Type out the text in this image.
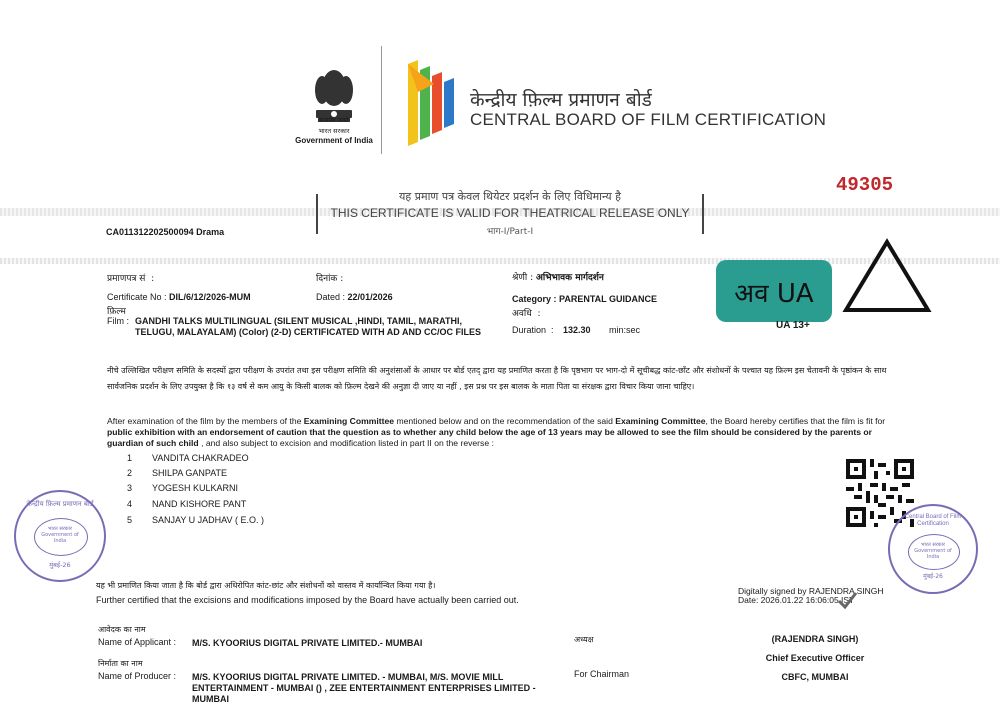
सत्यमेव जयते
भारत सरकार
Government of India
केन्द्रीय फ़िल्म प्रमाणन बोर्ड
CENTRAL BOARD OF FILM CERTIFICATION
49305
यह प्रमाण पत्र केवल थियेटर प्रदर्शन के लिए विधिमान्य है
THIS CERTIFICATE IS VALID FOR THEATRICAL RELEASE ONLY
भाग-I/Part-I
CA011312202500094 Drama
प्रमाणपत्र सं  :
Certificate No : DIL/6/12/2026-MUM
दिनांक :
Dated : 22/01/2026
श्रेणी : अभिभावक मार्गदर्शन
Category : PARENTAL GUIDANCE
फ़िल्म
Film : GANDHI TALKS MULTILINGUAL (SILENT MUSICAL ,HINDI, TAMIL, MARATHI, TELUGU, MALAYALAM) (Color) (2-D) CERTIFICATED WITH AD AND CC/OC FILES
अवधि  :
Duration  :   132.30 min:sec
अव UA
UA 13+
नीचे उल्लिखित परीक्षण समिति के सदस्यों द्वारा परीक्षण के उपरांत तथा इस परीक्षण समिति की अनुशंसाओं के आधार पर बोर्ड एतद् द्वारा यह प्रमाणित करता है कि पृष्ठभाग पर भाग-दो में सूचीबद्ध कांट-छाँट और संशोधनों के पश्चात यह फ़िल्म इस चेतावनी के पृष्ठांकन के साथ सार्वजनिक प्रदर्शन के लिए उपयुक्त है कि १३ वर्ष से कम आयु के किसी बालक को फ़िल्म देखने की अनुज्ञा दी जाए या नहीं , इस प्रश्न पर इस बालक के माता पिता या संरक्षक द्वारा विचार किया जाना चाहिए।
After examination of the film by the members of the Examining Committee mentioned below and on the recommendation of the said Examining Committee, the Board hereby certifies that the film is fit for public exhibition with an endorsement of caution that the question as to whether any child below the age of 13 years may be allowed to see the film should be considered by the parents or guardian of such child , and also subject to excision and modification listed in part II on the reverse :
1 VANDITA CHAKRADEO
2 SHILPA GANPATE
3 YOGESH KULKARNI
4 NAND KISHORE PANT
5 SANJAY U JADHAV ( E.O. )
केन्द्रीय फ़िल्म प्रमाणन बोर्ड
भारत सरकार Government of India
मुंबई-26
Central Board of Film Certification
भारत सरकार Government of India
मुंबई-26
यह भी प्रमाणित किया जाता है कि बोर्ड द्वारा अधिरोपित कांट-छांट और संशोधनों को वास्तव में कार्यान्वित किया गया है।
Further certified that the excisions and modifications imposed by the Board have actually been carried out.
Digitally signed by RAJENDRA SINGH
Date: 2026.01.22 16:06:05 IST
आवेदक का नाम
Name of Applicant : M/S. KYOORIUS DIGITAL PRIVATE LIMITED.- MUMBAI
निर्माता का नाम
Name of Producer : M/S. KYOORIUS DIGITAL PRIVATE LIMITED. - MUMBAI, M/S. MOVIE MILL ENTERTAINMENT - MUMBAI () , ZEE ENTERTAINMENT ENTERPRISES LIMITED - MUMBAI
अध्यक्ष
For Chairman
(RAJENDRA SINGH)
Chief Executive Officer
CBFC, MUMBAI
